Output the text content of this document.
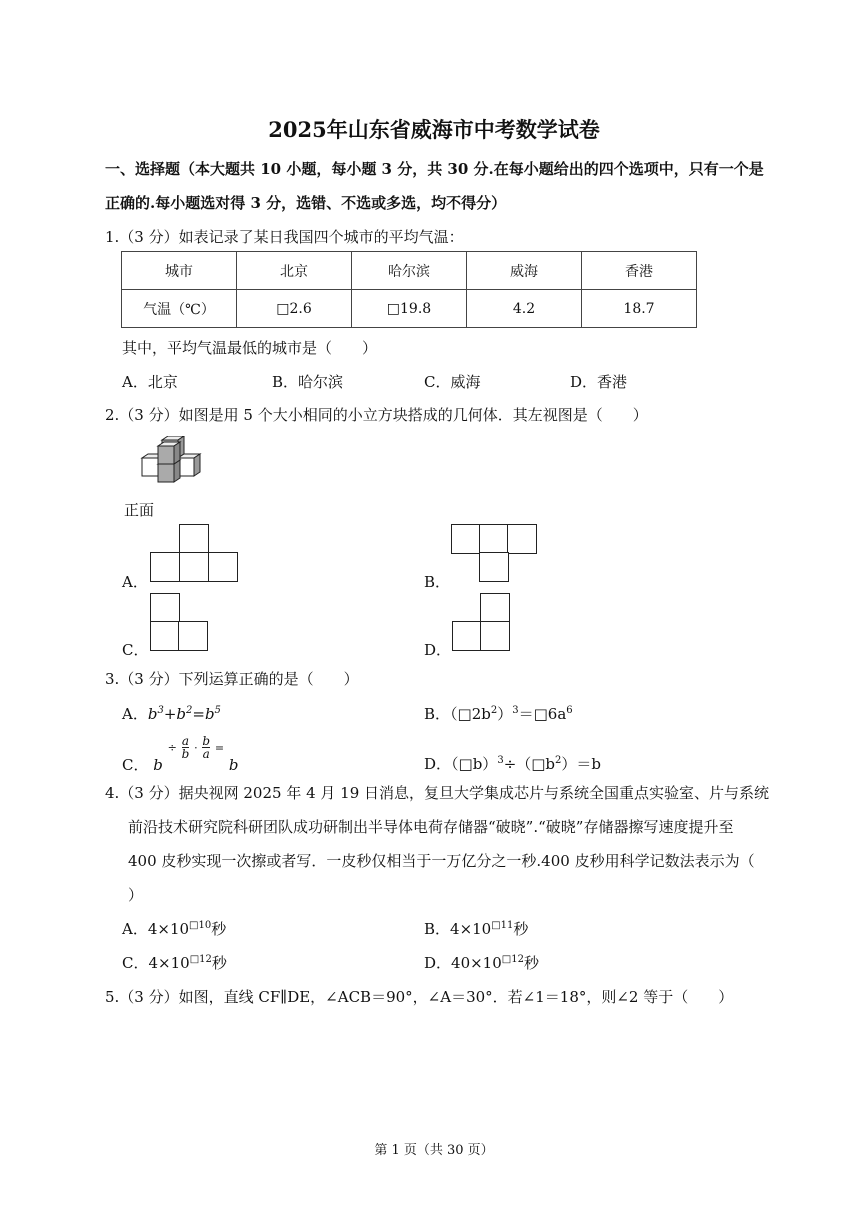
2025年山东省威海市中考数学试卷
一、选择题（本大题共 10 小题，每小题 3 分，共 30 分.在每小题给出的四个选项中，只有一个是
正确的.每小题选对得 3 分，选错、不选或多选，均不得分）
1.（3 分）如表记录了某日我国四个城市的平均气温：
城市	北京	哈尔滨	威海	香港
气温（℃）	□2.6	□19.8	4.2	18.7
其中，平均气温最低的城市是（　　）
A．北京	B．哈尔滨	C．威海	D．香港
2.（3 分）如图是用 5 个大小相同的小立方块搭成的几何体．其左视图是（　　）
正面
A．	B．
C．	D．
3.（3 分）下列运算正确的是（　　）
A．$b^3+b^2=b^5$	B．$(□2b^2)^3=□6a^6$
C． $b \div \frac{a}{b} \cdot \frac{b}{a} = b$	D．$(□b)^3\div(□b^2)=b$
4.（3 分）据央视网 2025 年 4 月 19 日消息，复旦大学集成芯片与系统全国重点实验室、片与系统
前沿技术研究院科研团队成功研制出半导体电荷存储器“破晓”.“破晓”存储器擦写速度提升至
400 皮秒实现一次擦或者写．一皮秒仅相当于一万亿分之一秒.400 皮秒用科学记数法表示为（
）
A．$4\times 10^{□10}$秒	B．$4\times 10^{□11}$秒
C．$4\times 10^{□12}$秒	D．$40\times 10^{□12}$秒
5.（3 分）如图，直线 CF∥DE，∠ACB＝90°，∠A＝30°．若∠1＝18°，则∠2 等于（　　）
第 1 页（共 30 页）
